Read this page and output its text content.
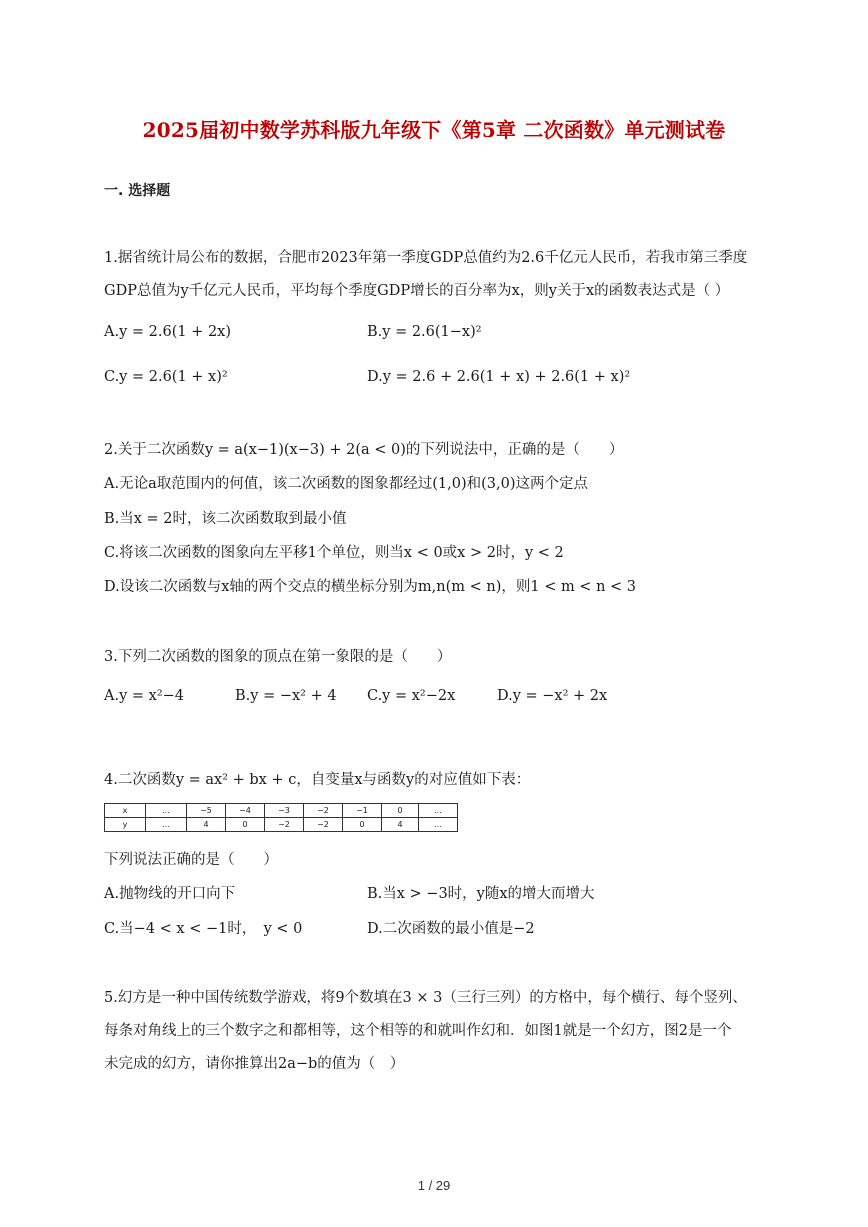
2025届初中数学苏科版九年级下《第5章 二次函数》单元测试卷
一. 选择题
1.据省统计局公布的数据，合肥市2023年第一季度GDP总值约为2.6千亿元人民币，若我市第三季度
GDP总值为y千亿元人民币，平均每个季度GDP增长的百分率为x，则y关于x的函数表达式是（ ）
A.y = 2.6(1 + 2x)	B.y = 2.6(1−x)²
C.y = 2.6(1 + x)²	D.y = 2.6 + 2.6(1 + x) + 2.6(1 + x)²
2.关于二次函数y = a(x−1)(x−3) + 2(a < 0)的下列说法中，正确的是（　　）
A.无论a取范围内的何值，该二次函数的图象都经过(1,0)和(3,0)这两个定点
B.当x = 2时，该二次函数取到最小值
C.将该二次函数的图象向左平移1个单位，则当x < 0或x > 2时，y < 2
D.设该二次函数与x轴的两个交点的横坐标分别为m,n(m < n)，则1 < m < n < 3
3.下列二次函数的图象的顶点在第一象限的是（　　）
A.y = x²−4	B.y = −x² + 4 C.y = x²−2x	D.y = −x² + 2x
4.二次函数y = ax² + bx + c，自变量x与函数y的对应值如下表：
x	…	−5	−4	−3	−2	−1	0	…
y	…	4	0	−2	−2	0	4	…
下列说法正确的是（　　）
A.抛物线的开口向下	B.当x > −3时，y随x的增大而增大
C.当−4 < x < −1时，　y < 0	D.二次函数的最小值是−2
5.幻方是一种中国传统数学游戏，将9个数填在3 × 3（三行三列）的方格中，每个横行、每个竖列、
每条对角线上的三个数字之和都相等，这个相等的和就叫作幻和．如图1就是一个幻方，图2是一个
未完成的幻方，请你推算出2a−b的值为（　）
1 / 29
